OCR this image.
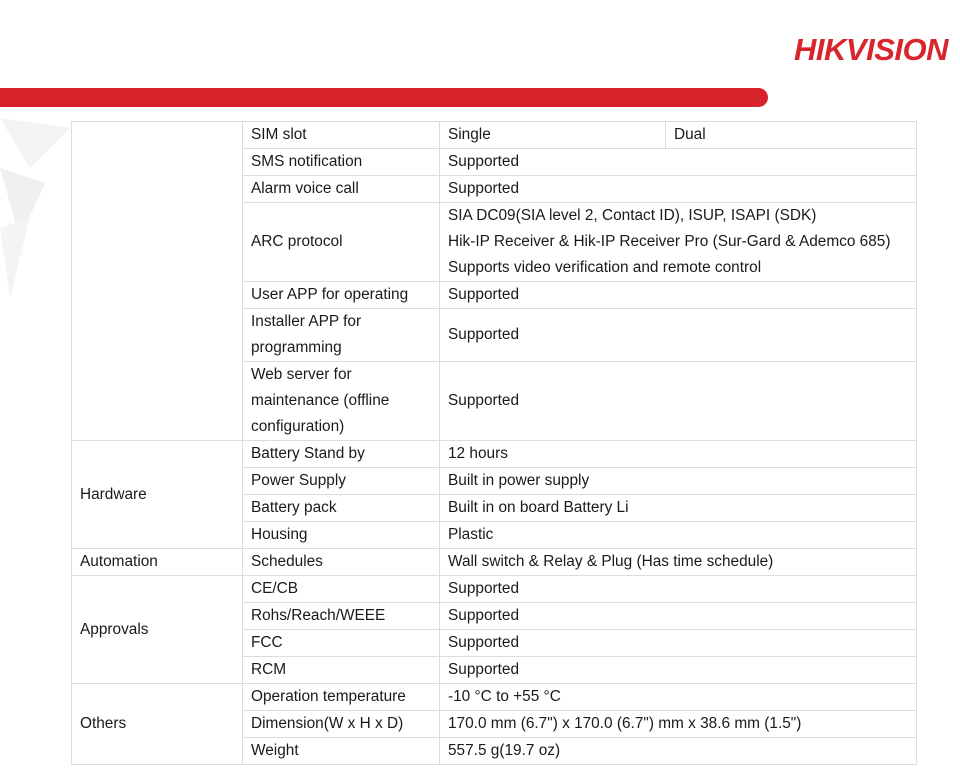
HIKVISION
	SIM slot	Single	Dual
	SMS notification	Supported	
	Alarm voice call	Supported	
	ARC protocol	SIA DC09(SIA level 2, Contact ID), ISUP, ISAPI (SDK)
Hik-IP Receiver & Hik-IP Receiver Pro (Sur-Gard & Ademco 685)
Supports video verification and remote control	

	User APP for operating	Supported	
	Installer APP for programming	Supported	
	Web server for maintenance (offline configuration)	Supported	
Hardware	Battery Stand by	12 hours	
	Power Supply	Built in power supply	
	Battery pack	Built in on board Battery Li	
	Housing	Plastic	
Automation	Schedules	Wall switch & Relay & Plug (Has time schedule)	
Approvals	CE/CB	Supported	
	Rohs/Reach/WEEE	Supported	
	FCC	Supported	
	RCM	Supported	
Others	Operation temperature	-10 °C to +55 °C	
	Dimension(W x H x D)	170.0 mm (6.7") x 170.0 (6.7") mm x 38.6 mm (1.5")	
	Weight	557.5 g(19.7 oz)	
